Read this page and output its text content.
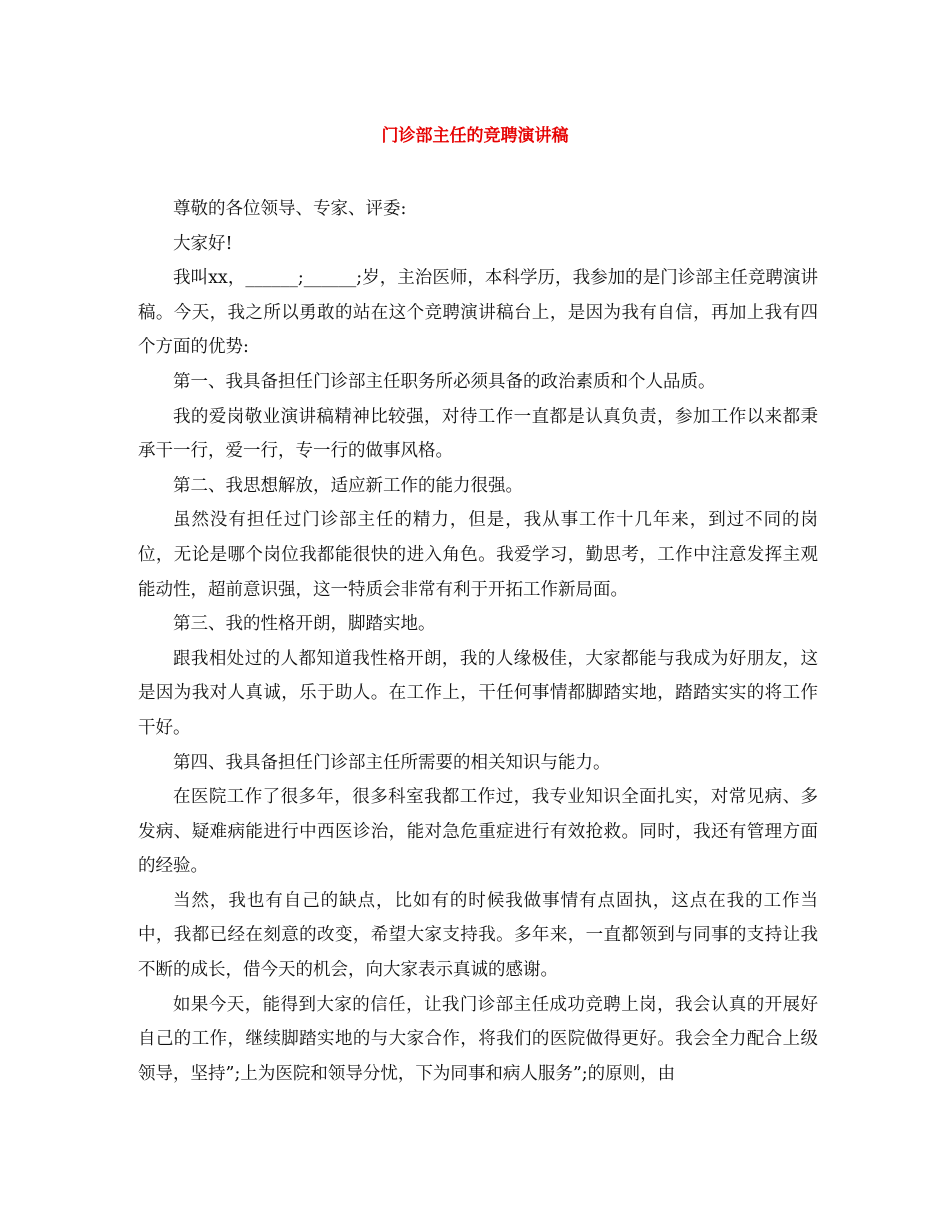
门诊部主任的竞聘演讲稿

尊敬的各位领导、专家、评委:

大家好!

我叫xx，______;______;岁，主治医师，本科学历，我参加的是门诊部主任竞聘演讲稿。今天，我之所以勇敢的站在这个竞聘演讲稿台上，是因为我有自信，再加上我有四个方面的优势:

第一、我具备担任门诊部主任职务所必须具备的政治素质和个人品质。

我的爱岗敬业演讲稿精神比较强，对待工作一直都是认真负责，参加工作以来都秉承干一行，爱一行，专一行的做事风格。

第二、我思想解放，适应新工作的能力很强。

虽然没有担任过门诊部主任的精力，但是，我从事工作十几年来，到过不同的岗位，无论是哪个岗位我都能很快的进入角色。我爱学习，勤思考，工作中注意发挥主观能动性，超前意识强，这一特质会非常有利于开拓工作新局面。

第三、我的性格开朗，脚踏实地。

跟我相处过的人都知道我性格开朗，我的人缘极佳，大家都能与我成为好朋友，这是因为我对人真诚，乐于助人。在工作上，干任何事情都脚踏实地，踏踏实实的将工作干好。

第四、我具备担任门诊部主任所需要的相关知识与能力。

在医院工作了很多年，很多科室我都工作过，我专业知识全面扎实，对常见病、多发病、疑难病能进行中西医诊治，能对急危重症进行有效抢救。同时，我还有管理方面的经验。

当然，我也有自己的缺点，比如有的时候我做事情有点固执，这点在我的工作当中，我都已经在刻意的改变，希望大家支持我。多年来，一直都领到与同事的支持让我不断的成长，借今天的机会，向大家表示真诚的感谢。

如果今天，能得到大家的信任，让我门诊部主任成功竞聘上岗，我会认真的开展好自己的工作，继续脚踏实地的与大家合作，将我们的医院做得更好。我会全力配合上级领导，坚持”;上为医院和领导分忧，下为同事和病人服务”;的原则，由
